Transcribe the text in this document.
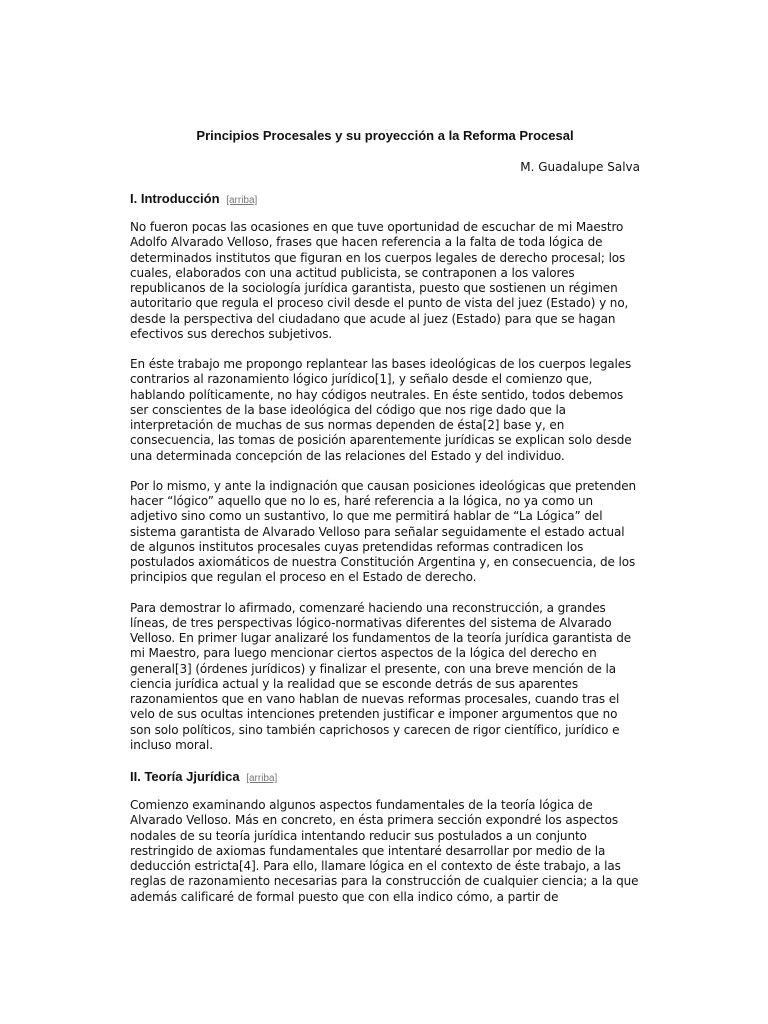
Principios Procesales y su proyección a la Reforma Procesal
M. Guadalupe Salva
I. Introducción [arriba]

No fueron pocas las ocasiones en que tuve oportunidad de escuchar de mi Maestro Adolfo Alvarado Velloso, frases que hacen referencia a la falta de toda lógica de determinados institutos que figuran en los cuerpos legales de derecho procesal; los cuales, elaborados con una actitud publicista, se contraponen a los valores republicanos de la sociología jurídica garantista, puesto que sostienen un régimen autoritario que regula el proceso civil desde el punto de vista del juez (Estado) y no, desde la perspectiva del ciudadano que acude al juez (Estado) para que se hagan efectivos sus derechos subjetivos.

En éste trabajo me propongo replantear las bases ideológicas de los cuerpos legales contrarios al razonamiento lógico jurídico[1], y señalo desde el comienzo que, hablando políticamente, no hay códigos neutrales. En éste sentido, todos debemos ser conscientes de la base ideológica del código que nos rige dado que la interpretación de muchas de sus normas dependen de ésta[2] base y, en consecuencia, las tomas de posición aparentemente jurídicas se explican solo desde una determinada concepción de las relaciones del Estado y del individuo.

Por lo mismo, y ante la indignación que causan posiciones ideológicas que pretenden hacer “lógico” aquello que no lo es, haré referencia a la lógica, no ya como un adjetivo sino como un sustantivo, lo que me permitirá hablar de “La Lógica” del sistema garantista de Alvarado Velloso para señalar seguidamente el estado actual de algunos institutos procesales cuyas pretendidas reformas contradicen los postulados axiomáticos de nuestra Constitución Argentina y, en consecuencia, de los principios que regulan el proceso en el Estado de derecho.

Para demostrar lo afirmado, comenzaré haciendo una reconstrucción, a grandes líneas, de tres perspectivas lógico-normativas diferentes del sistema de Alvarado Velloso. En primer lugar analizaré los fundamentos de la teoría jurídica garantista de mi Maestro, para luego mencionar ciertos aspectos de la lógica del derecho en general[3] (órdenes jurídicos) y finalizar el presente, con una breve mención de la ciencia jurídica actual y la realidad que se esconde detrás de sus aparentes razonamientos que en vano hablan de nuevas reformas procesales, cuando tras el velo de sus ocultas intenciones pretenden justificar e imponer argumentos que no son solo políticos, sino también caprichosos y carecen de rigor científico, jurídico e incluso moral.

II. Teoría Jjurídica [arriba]

Comienzo examinando algunos aspectos fundamentales de la teoría lógica de Alvarado Velloso. Más en concreto, en ésta primera sección expondré los aspectos nodales de su teoría jurídica intentando reducir sus postulados a un conjunto restringido de axiomas fundamentales que intentaré desarrollar por medio de la deducción estricta[4]. Para ello, llamare lógica en el contexto de éste trabajo, a las reglas de razonamiento necesarias para la construcción de cualquier ciencia; a la que además calificaré de formal puesto que con ella indico cómo, a partir de
